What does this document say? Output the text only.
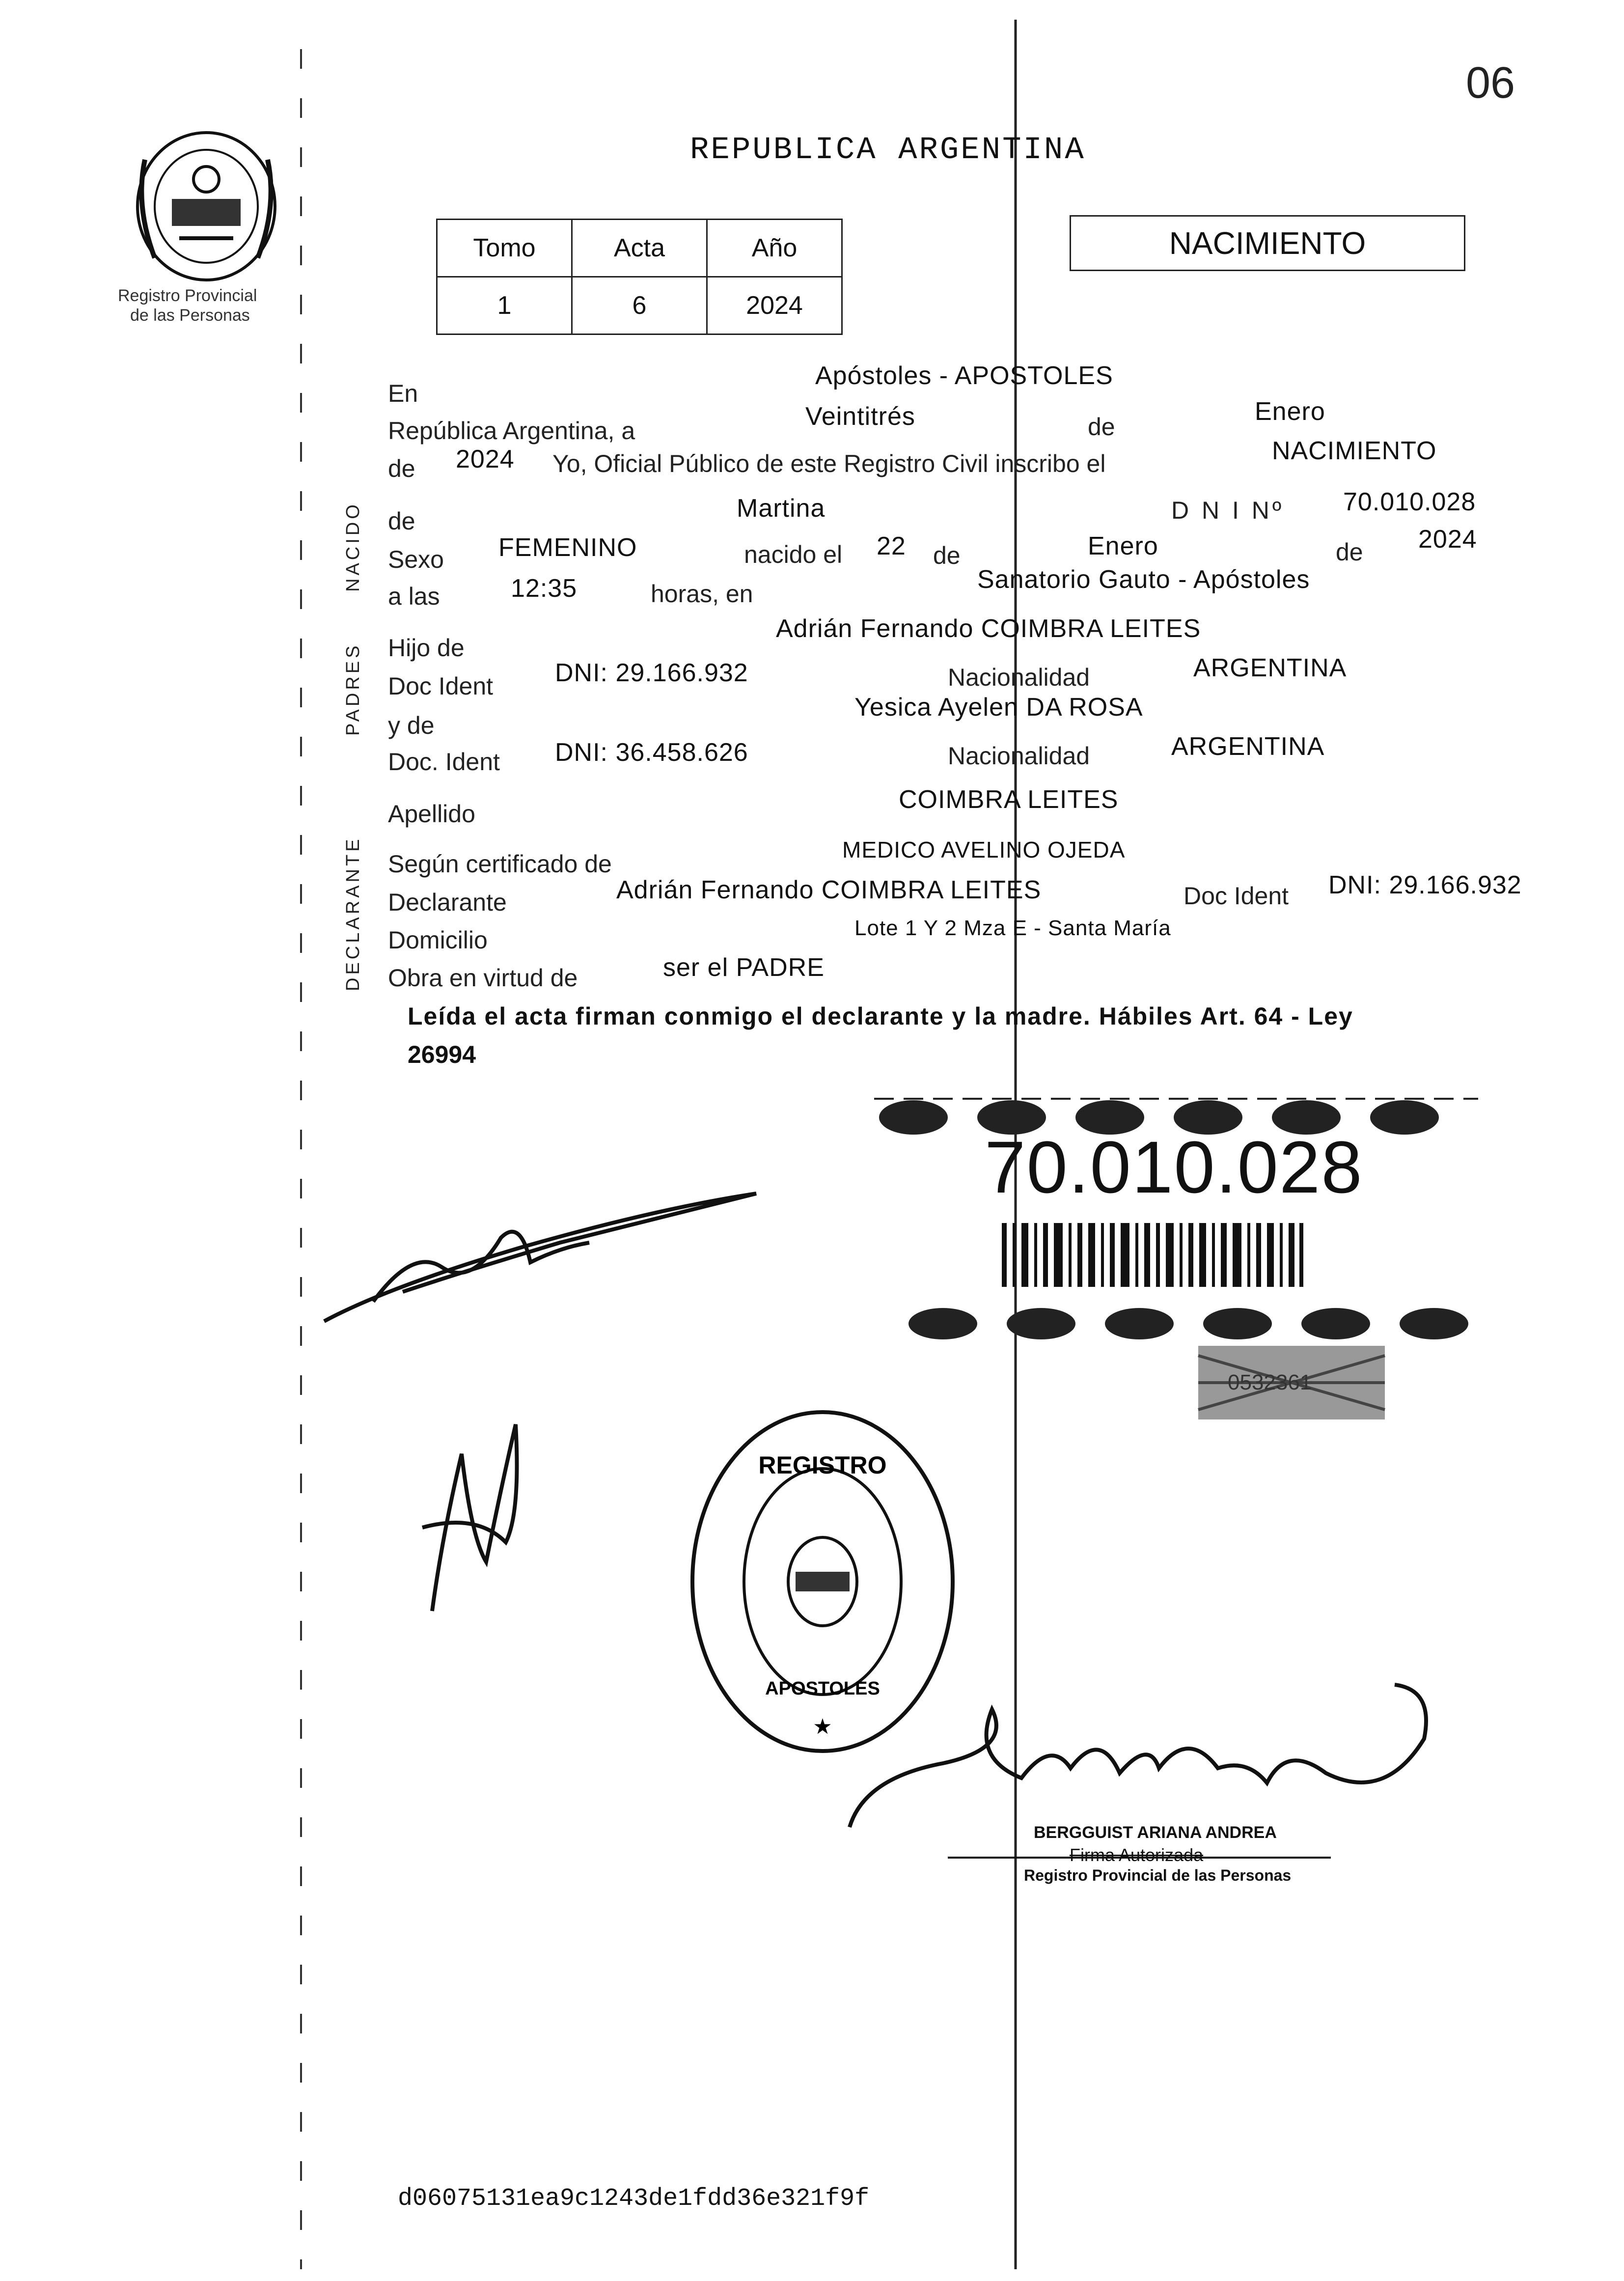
06
Registro Provincial
de las Personas
REPUBLICA ARGENTINA
Tomo	Acta	Año
1	6	2024
NACIMIENTO
NACIDO
PADRES
DECLARANTE
En
Apóstoles - APOSTOLES
República Argentina, a	Veintitrés	de
Enero
de 2024 Yo, Oficial Público de este Registro Civil inscribo el	NACIMIENTO
de	Martina	D N I Nº 70.010.028
Sexo FEMENINO	nacido el 22 de	Enero	de 2024
a las	12:35	horas, en	Sanatorio Gauto - Apóstoles
Hijo de
Adrián Fernando COIMBRA LEITES
Doc Ident DNI: 29.166.932	Nacionalidad	ARGENTINA
y de
Yesica Ayelen DA ROSA
Doc. Ident DNI: 36.458.626	Nacionalidad	ARGENTINA
Apellido	COIMBRA LEITES
Según certificado de
MEDICO AVELINO OJEDA
Declarante	Adrián Fernando COIMBRA LEITES	Doc Ident DNI: 29.166.932
Domicilio	Lote 1 Y 2 Mza E - Santa María
Obra en virtud de	ser el PADRE
Leída el acta firman conmigo el declarante y la madre. Hábiles Art. 64 - Ley
26994
70.010.028
0532361
REGISTRO
APOSTOLES
★
BERGGUIST ARIANA ANDREA
Firma Autorizada
Registro Provincial de las Personas
d06075131ea9c1243de1fdd36e321f9f
